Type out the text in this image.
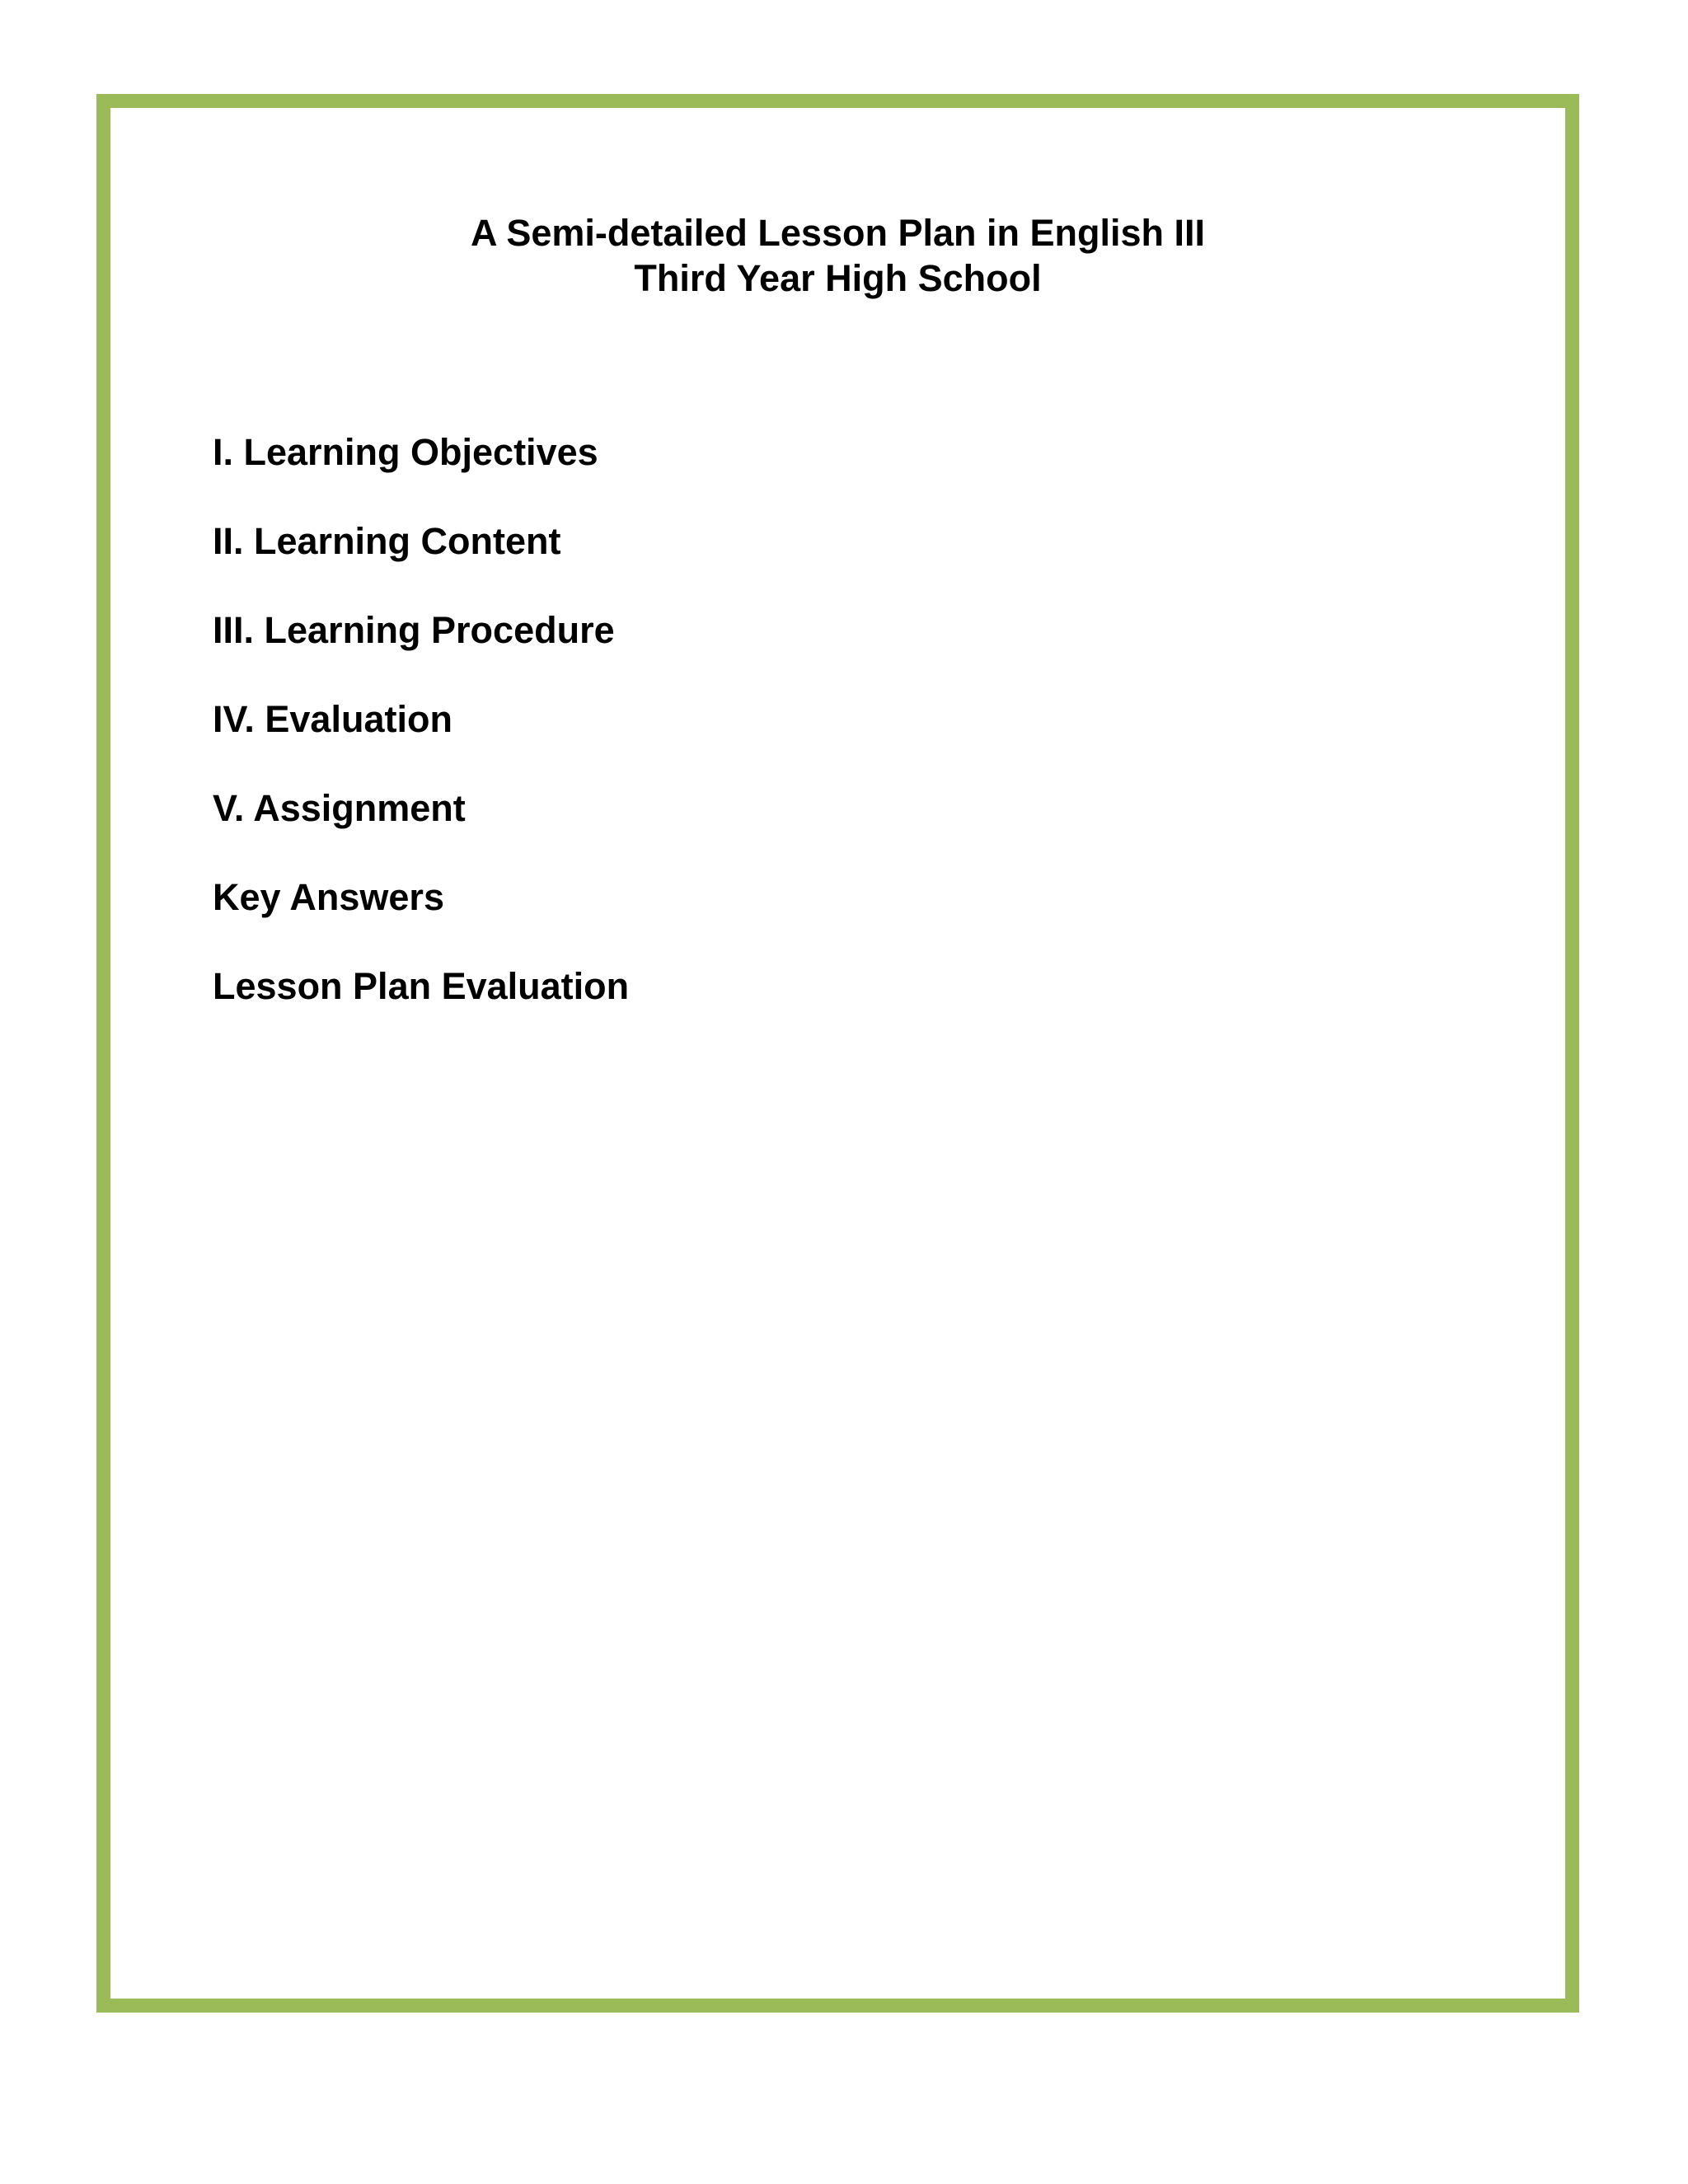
A Semi-detailed Lesson Plan in English III
Third Year High School
I. Learning Objectives
II. Learning Content
III. Learning Procedure
IV. Evaluation
V. Assignment
Key Answers
Lesson Plan Evaluation
